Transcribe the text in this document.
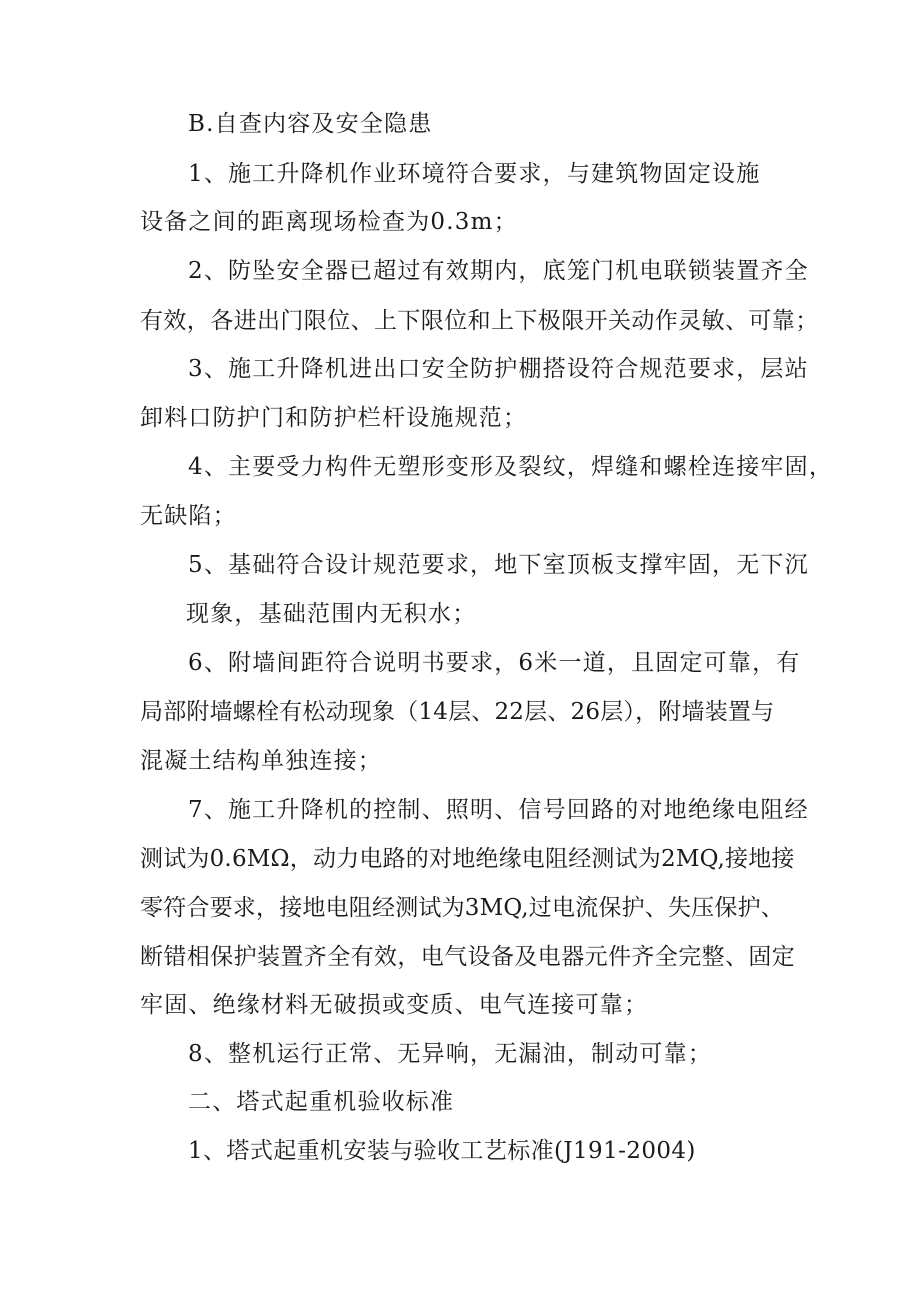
B.自查内容及安全隐患
1、施工升降机作业环境符合要求，与建筑物固定设施
设备之间的距离现场检查为0.3m；
2、防坠安全器已超过有效期内，底笼门机电联锁装置齐全
有效，各进出门限位、上下限位和上下极限开关动作灵敏、可靠；
3、施工升降机进出口安全防护棚搭设符合规范要求，层站
卸料口防护门和防护栏杆设施规范；
4、主要受力构件无塑形变形及裂纹，焊缝和螺栓连接牢固，
无缺陷；
5、基础符合设计规范要求，地下室顶板支撑牢固，无下沉
现象，基础范围内无积水；
6、附墙间距符合说明书要求，6米一道，且固定可靠，有
局部附墙螺栓有松动现象（14层、22层、26层），附墙装置与
混凝土结构单独连接；
7、施工升降机的控制、照明、信号回路的对地绝缘电阻经
测试为0.6MΩ，动力电路的对地绝缘电阻经测试为2MQ,接地接
零符合要求，接地电阻经测试为3MQ,过电流保护、失压保护、
断错相保护装置齐全有效，电气设备及电器元件齐全完整、固定
牢固、绝缘材料无破损或变质、电气连接可靠；
8、整机运行正常、无异响，无漏油，制动可靠；
二、塔式起重机验收标准
1、塔式起重机安装与验收工艺标准(J191-2004)
